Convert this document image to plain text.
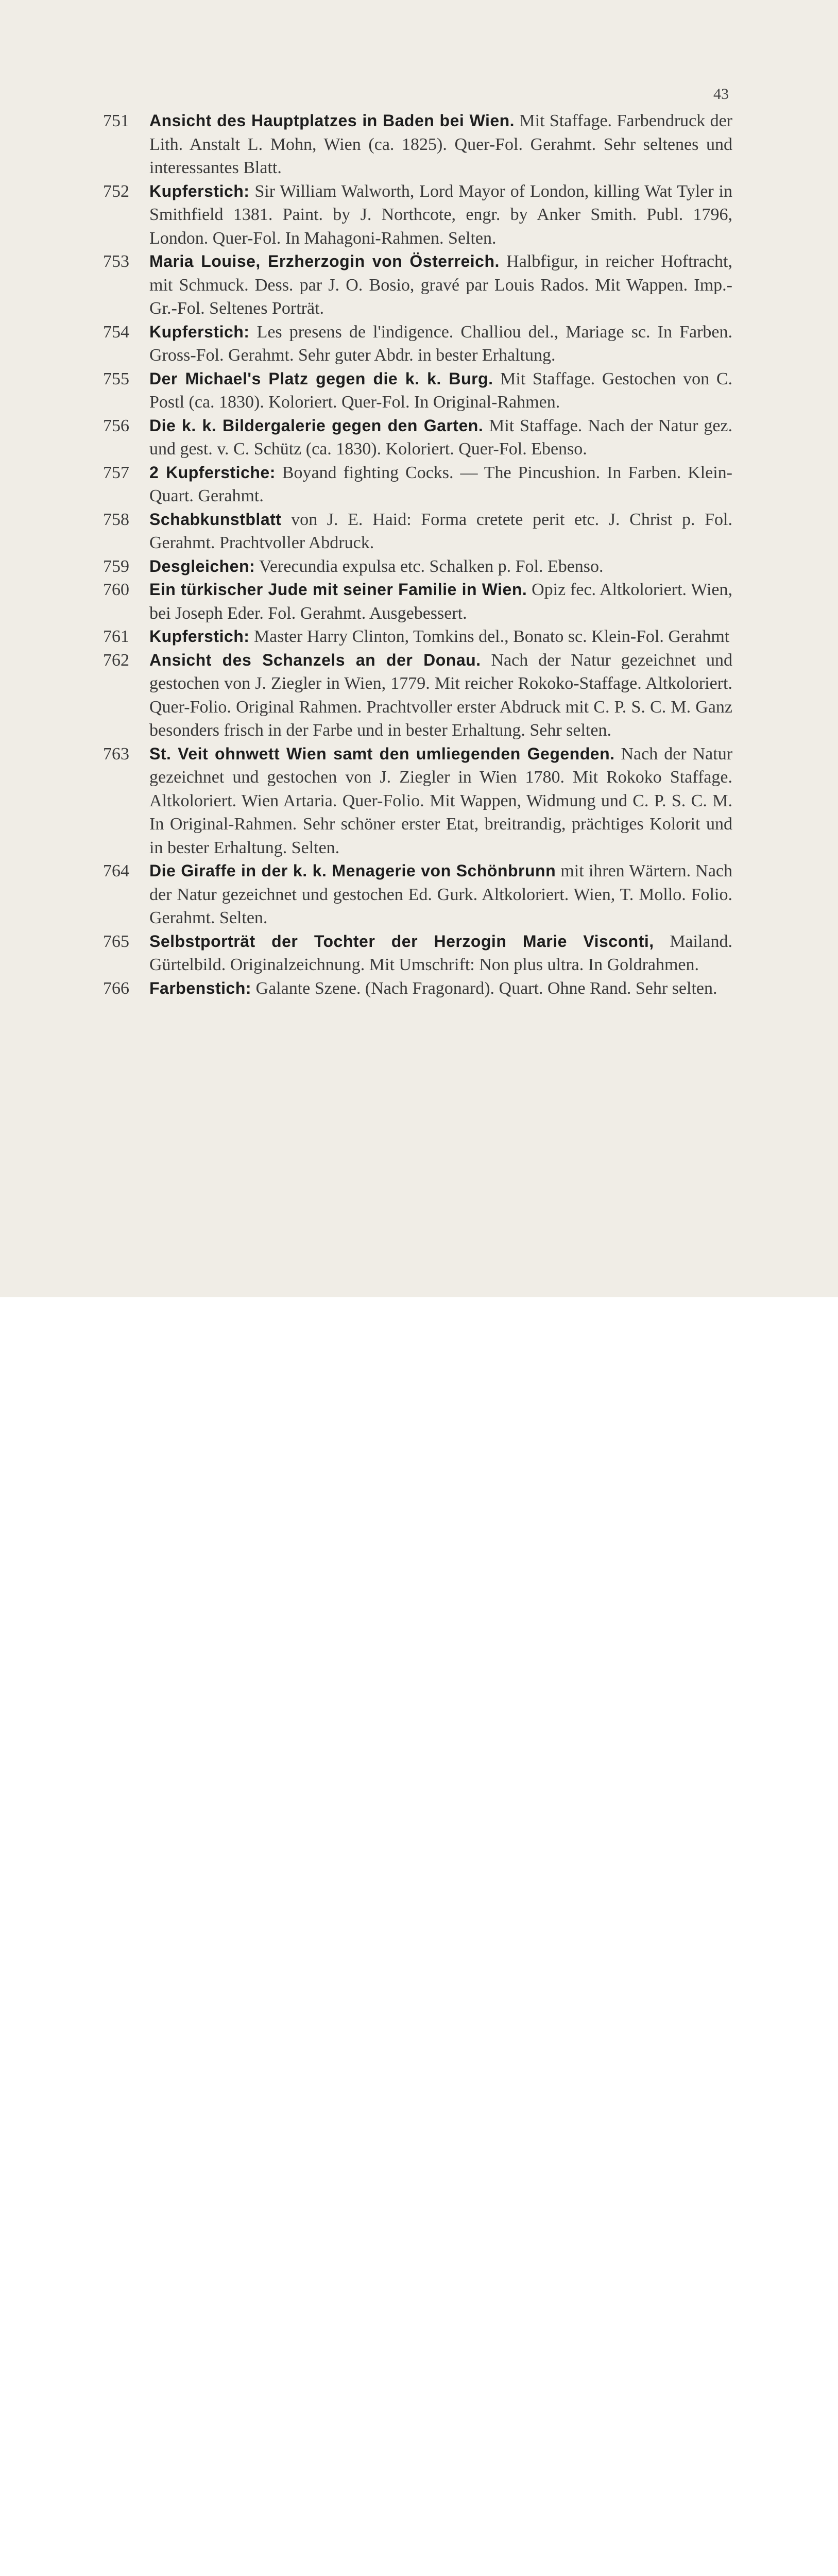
43
751 Ansicht des Hauptplatzes in Baden bei Wien. Mit Staffage. Farbendruck der Lith. Anstalt L. Mohn, Wien (ca. 1825). Quer-Fol. Gerahmt. Sehr seltenes und interessantes Blatt.

752 Kupferstich: Sir William Walworth, Lord Mayor of London, killing Wat Tyler in Smithfield 1381. Paint. by J. Northcote, engr. by Anker Smith. Publ. 1796, London. Quer-Fol. In Mahagoni-Rahmen. Selten.

753 Maria Louise, Erzherzogin von Österreich. Halbfigur, in reicher Hoftracht, mit Schmuck. Dess. par J. O. Bosio, gravé par Louis Rados. Mit Wappen. Imp.-Gr.-Fol. Seltenes Porträt.

754 Kupferstich: Les presens de l'indigence. Challiou del., Mariage sc. In Farben. Gross-Fol. Gerahmt. Sehr guter Abdr. in bester Erhaltung.

755 Der Michael's Platz gegen die k. k. Burg. Mit Staffage. Gestochen von C. Postl (ca. 1830). Koloriert. Quer-Fol. In Original-Rahmen.

756 Die k. k. Bildergalerie gegen den Garten. Mit Staffage. Nach der Natur gez. und gest. v. C. Schütz (ca. 1830). Koloriert. Quer-Fol. Ebenso.

757 2 Kupferstiche: Boyand fighting Cocks. — The Pincushion. In Farben. Klein-Quart. Gerahmt.

758 Schabkunstblatt von J. E. Haid: Forma cretete perit etc. J. Christ p. Fol. Gerahmt. Prachtvoller Abdruck.

759 Desgleichen: Verecundia expulsa etc. Schalken p. Fol. Ebenso.

760 Ein türkischer Jude mit seiner Familie in Wien. Opiz fec. Altkoloriert. Wien, bei Joseph Eder. Fol. Gerahmt. Ausgebessert.

761 Kupferstich: Master Harry Clinton, Tomkins del., Bonato sc. Klein-Fol. Gerahmt

762 Ansicht des Schanzels an der Donau. Nach der Natur gezeichnet und gestochen von J. Ziegler in Wien, 1779. Mit reicher Rokoko-Staffage. Altkoloriert. Quer-Folio. Original Rahmen. Prachtvoller erster Abdruck mit C. P. S. C. M. Ganz besonders frisch in der Farbe und in bester Erhaltung. Sehr selten.

763 St. Veit ohnwett Wien samt den umliegenden Gegenden. Nach der Natur gezeichnet und gestochen von J. Ziegler in Wien 1780. Mit Rokoko Staffage. Altkoloriert. Wien Artaria. Quer-Folio. Mit Wappen, Widmung und C. P. S. C. M. In Original-Rahmen. Sehr schöner erster Etat, breitrandig, prächtiges Kolorit und in bester Erhaltung. Selten.

764 Die Giraffe in der k. k. Menagerie von Schönbrunn mit ihren Wärtern. Nach der Natur gezeichnet und gestochen Ed. Gurk. Altkoloriert. Wien, T. Mollo. Folio. Gerahmt. Selten.

765 Selbstporträt der Tochter der Herzogin Marie Visconti, Mailand. Gürtelbild. Originalzeichnung. Mit Umschrift: Non plus ultra. In Goldrahmen.

766 Farbenstich: Galante Szene. (Nach Fragonard). Quart. Ohne Rand. Sehr selten.
